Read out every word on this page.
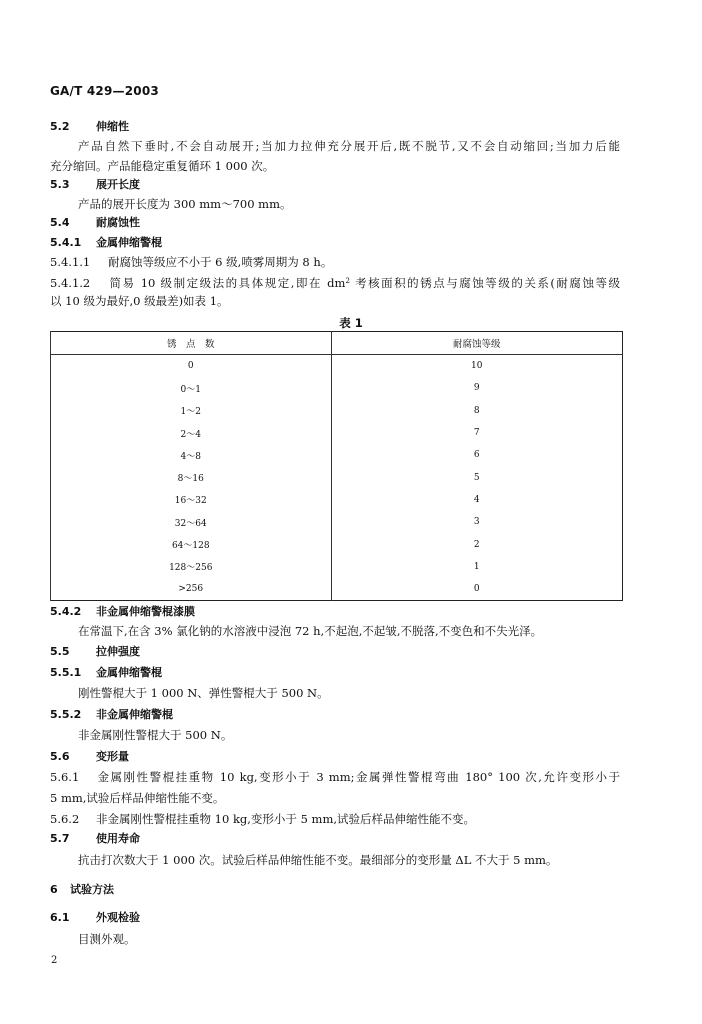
GA/T 429—2003
5.2 伸缩性
产品自然下垂时,不会自动展开;当加力拉伸充分展开后,既不脱节,又不会自动缩回;当加力后能
充分缩回。产品能稳定重复循环 1 000 次。
5.3 展开长度
产品的展开长度为 300 mm～700 mm。
5.4 耐腐蚀性
5.4.1 金属伸缩警棍
5.4.1.1 耐腐蚀等级应不小于 6 级,喷雾周期为 8 h。
5.4.1.2 简易 10 级制定级法的具体规定,即在 $dm^2$ 考核面积的锈点与腐蚀等级的关系(耐腐蚀等级
以 10 级为最好,0 级最差)如表 1。
表 1
锈　点　数	耐腐蚀等级
0	10
0～1	9
1～2	8
2～4	7
4～8	6
8～16	5
16～32	4
32～64	3
64～128	2
128～256	1
>256	0
5.4.2 非金属伸缩警棍漆膜
在常温下,在含 3% 氯化钠的水溶液中浸泡 72 h,不起泡,不起皱,不脱落,不变色和不失光泽。
5.5 拉伸强度
5.5.1 金属伸缩警棍
刚性警棍大于 1 000 N、弹性警棍大于 500 N。
5.5.2 非金属伸缩警棍
非金属刚性警棍大于 500 N。
5.6 变形量
5.6.1 金属刚性警棍挂重物 10 kg,变形小于 3 mm;金属弹性警棍弯曲 180° 100 次,允许变形小于
5 mm,试验后样品伸缩性能不变。
5.6.2 非金属刚性警棍挂重物 10 kg,变形小于 5 mm,试验后样品伸缩性能不变。
5.7 使用寿命
抗击打次数大于 1 000 次。试验后样品伸缩性能不变。最细部分的变形量 ΔL 不大于 5 mm。
6 试验方法
6.1 外观检验
目测外观。
2
